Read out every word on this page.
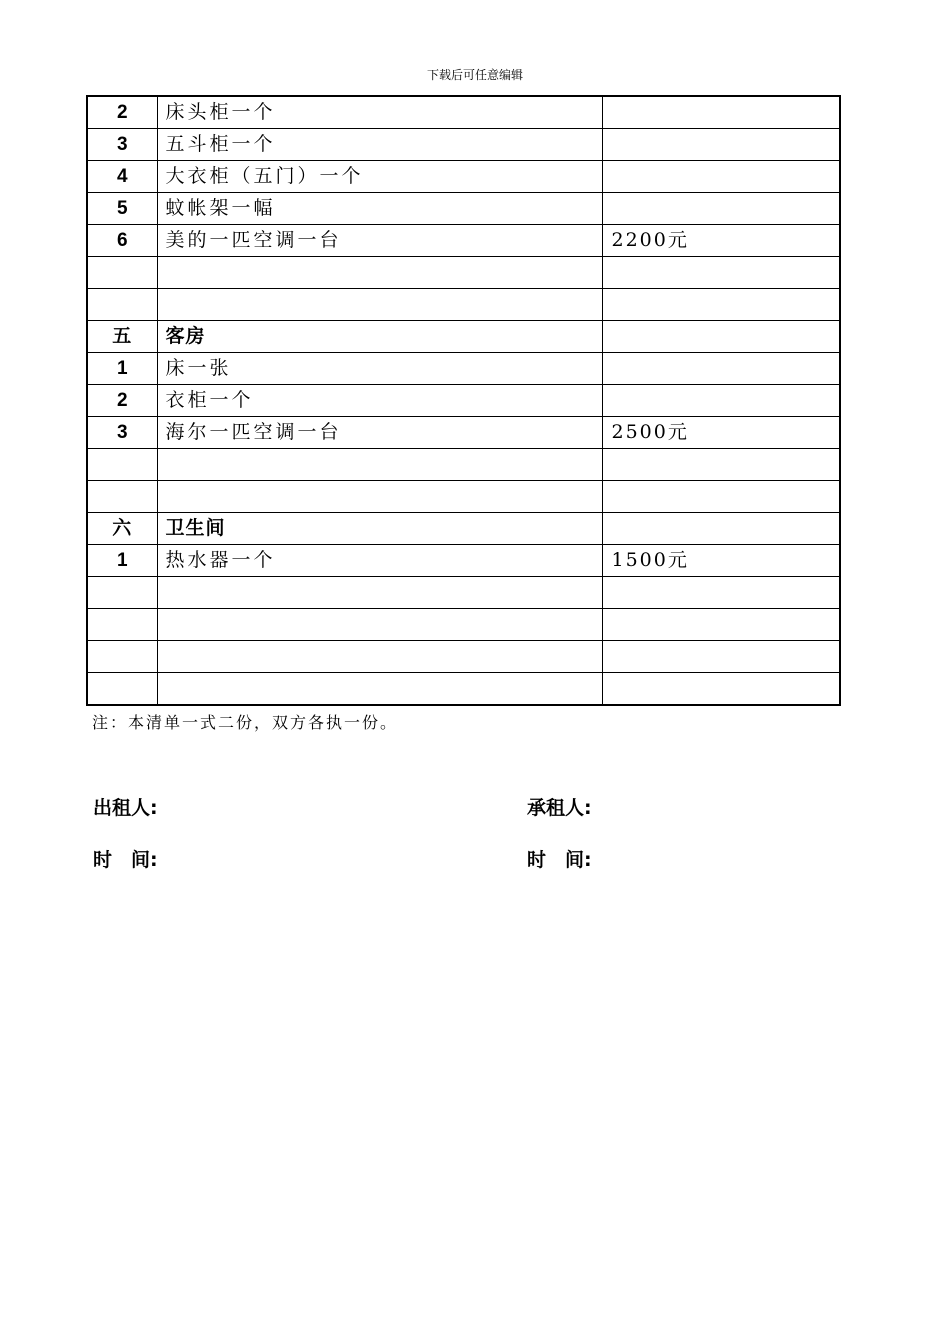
下载后可任意编辑
2	床头柜一个	
3	五斗柜一个	
4	大衣柜（五门）一个	
5	蚊帐架一幅	
6	美的一匹空调一台	2200元

五	客房	
1	床一张	
2	衣柜一个	
3	海尔一匹空调一台	2500元

六	卫生间	
1	热水器一个	1500元

注：本清单一式二份，双方各执一份。
出租人:	承租人:
时　间:	时　间:
